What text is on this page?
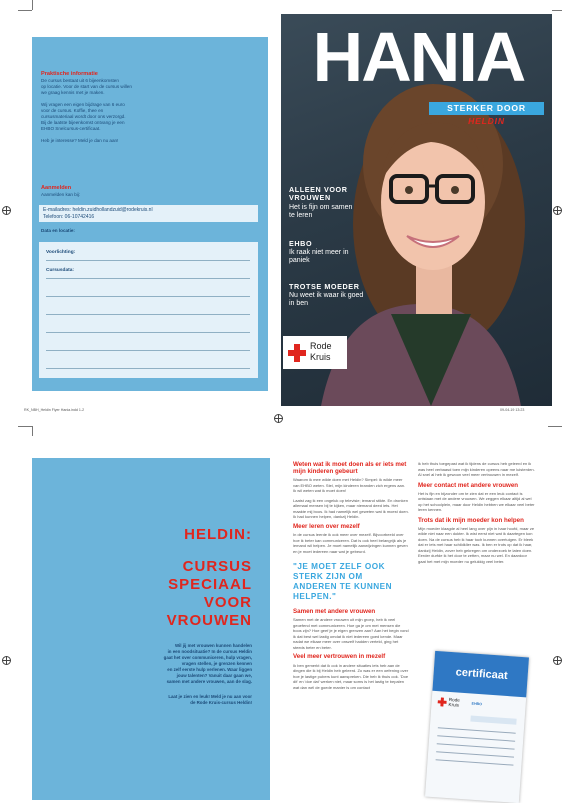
Praktische informatie
De cursus bestaat uit 6 bijeenkomsten
op locatie. Voor de start van de cursus willen
we graag kennis met je maken.
Wij vragen een eigen bijdrage van 6 euro
voor de cursus. Koffie, thee en
cursusmateriaal wordt door ons verzorgd.
Bij de laatste bijeenkomst ontvang je een
EHBO Snelcursus-certificaat.
Heb je interesse? Meld je dan nu aan!
Aanmelden
Aanmelden kan bij:
E-mailadres: heldin.zuidhollandzuid@rodekruis.nl
Telefoon: 06-10742416
Data en locatie:
Voorlichting:
Cursusdata:
HANIA
STERKER DOOR HELDIN
ALLEEN VOOR VROUWEN
Het is fijn om samen te leren
EHBO
Ik raak niet meer in paniek
TROTSE MOEDER
Nu weet ik waar ik goed in ben
Rode
Kruis
RK_NBH_Heldin Flyer Hania.indd 1-2	09-04-19 13:23
HELDIN:
CURSUS
SPECIAAL
VOOR
VROUWEN
Wil jij met vrouwen kunnen handelen
in een noodsituatie? In de cursus Heldin
gaat het over communiceren, hulp vragen,
vragen stellen, je grenzen kennen
en zelf eerste hulp verlenen. Waar liggen
jouw talenten? Vanuit daar gaan we,
samen met andere vrouwen, aan de slag.
Laat je zien en leuk! Meld je nu aan voor
de Rode Kruis-cursus Heldin!
Weten wat ik moet doen als er iets met mijn kinderen gebeurt
Waarom ik mee wilde doen met Heldin? Simpel: ik wilde meer van EHBO weten. Stel, mijn kinderen branden zich ergens aan. Ik wil weten wat ik moet doen!
Laatst zag ik een ongeluk op televisie; iemand stikte. En dronken allemaal mensen bij te kijken, maar niemand deed iets. Het maakte mij boos. Ik had namelijk wel geweten wat ik moest doen. Ik had kunnen helpen, dankzij Heldin.
Meer leren over mezelf
In de cursus leerde ik ook meer over mezelf. Bijvoorbeeld over hoe ik beter kan communiceren. Dat is ook heel belangrijk als je iemand wil helpen. Je moet namelijk aanwijzingen kunnen geven en je moet iedereen naar wat je gebeurd.
"JE MOET ZELF OOK STERK ZIJN OM ANDEREN TE KUNNEN HELPEN."
Samen met andere vrouwen
Samen met de andere vrouwen uit mijn groep, heb ik veel geoefend met communiceren. Hoe ga je om met mensen die boos zijn? Hoe geef je je eigen grenzen aan? Aan het begin vond ik dat best wel lastig omdat ik niet iedereen goed kende. Maar nadat we elkaar meer over onszelf hadden verteld, ging het steeds beter en beter.
Veel meer vertrouwen in mezelf
Ik ben gemerkt dat ik ook in andere situaties iets heb aan de dingen die ik bij Heldin heb geleerd. Zo was er een oefening over hoe je lastige pubers kunt aanspreken. Die heb ik thuis ook. 'Doe dit' en 'doe dat' werken niet, maar soms is het lastig te bepalen wat dan wél de goede manier is om contact
ik heb thuis toegepast wat ik tijdens de cursus heb geleerd en ik was heel verbaasd toen mijn kinderen opeens naar me luisterden. Al snel al heb ik gewoon veel meer vertrouwen in mezelf.
Meer contact met andere vrouwen
Het is fijn en bijzonder om te zien dat er een leuk contact is ontstaan met de andere vrouwen. We zeggen elkaar altijd al wel op het schoolplein, maar door Heldin hebben we elkaar veel beter leren kennen.
Trots dat ik mijn moeder kon helpen
Mijn moeder klaagde al heel lang over pijn in haar hoofd, maar ze wilde niet naar een dokter. Ik wist eerst niet wat ik daartegen kon doen. Na de cursus heb ik haar toch kunnen overtuigen. Er bleek dat er iets met haar schildklier was. Ik ben er trots op dat ik haar, dankzij Heldin, zover heb gekregen om onderzoek te laten doen. Eerder durfde ik het door te zetten, maar nu wel. En daardoor gaat het met mijn moeder nu gelukkig veel beter.
certificaat
Rode
Kruis	EHBO
